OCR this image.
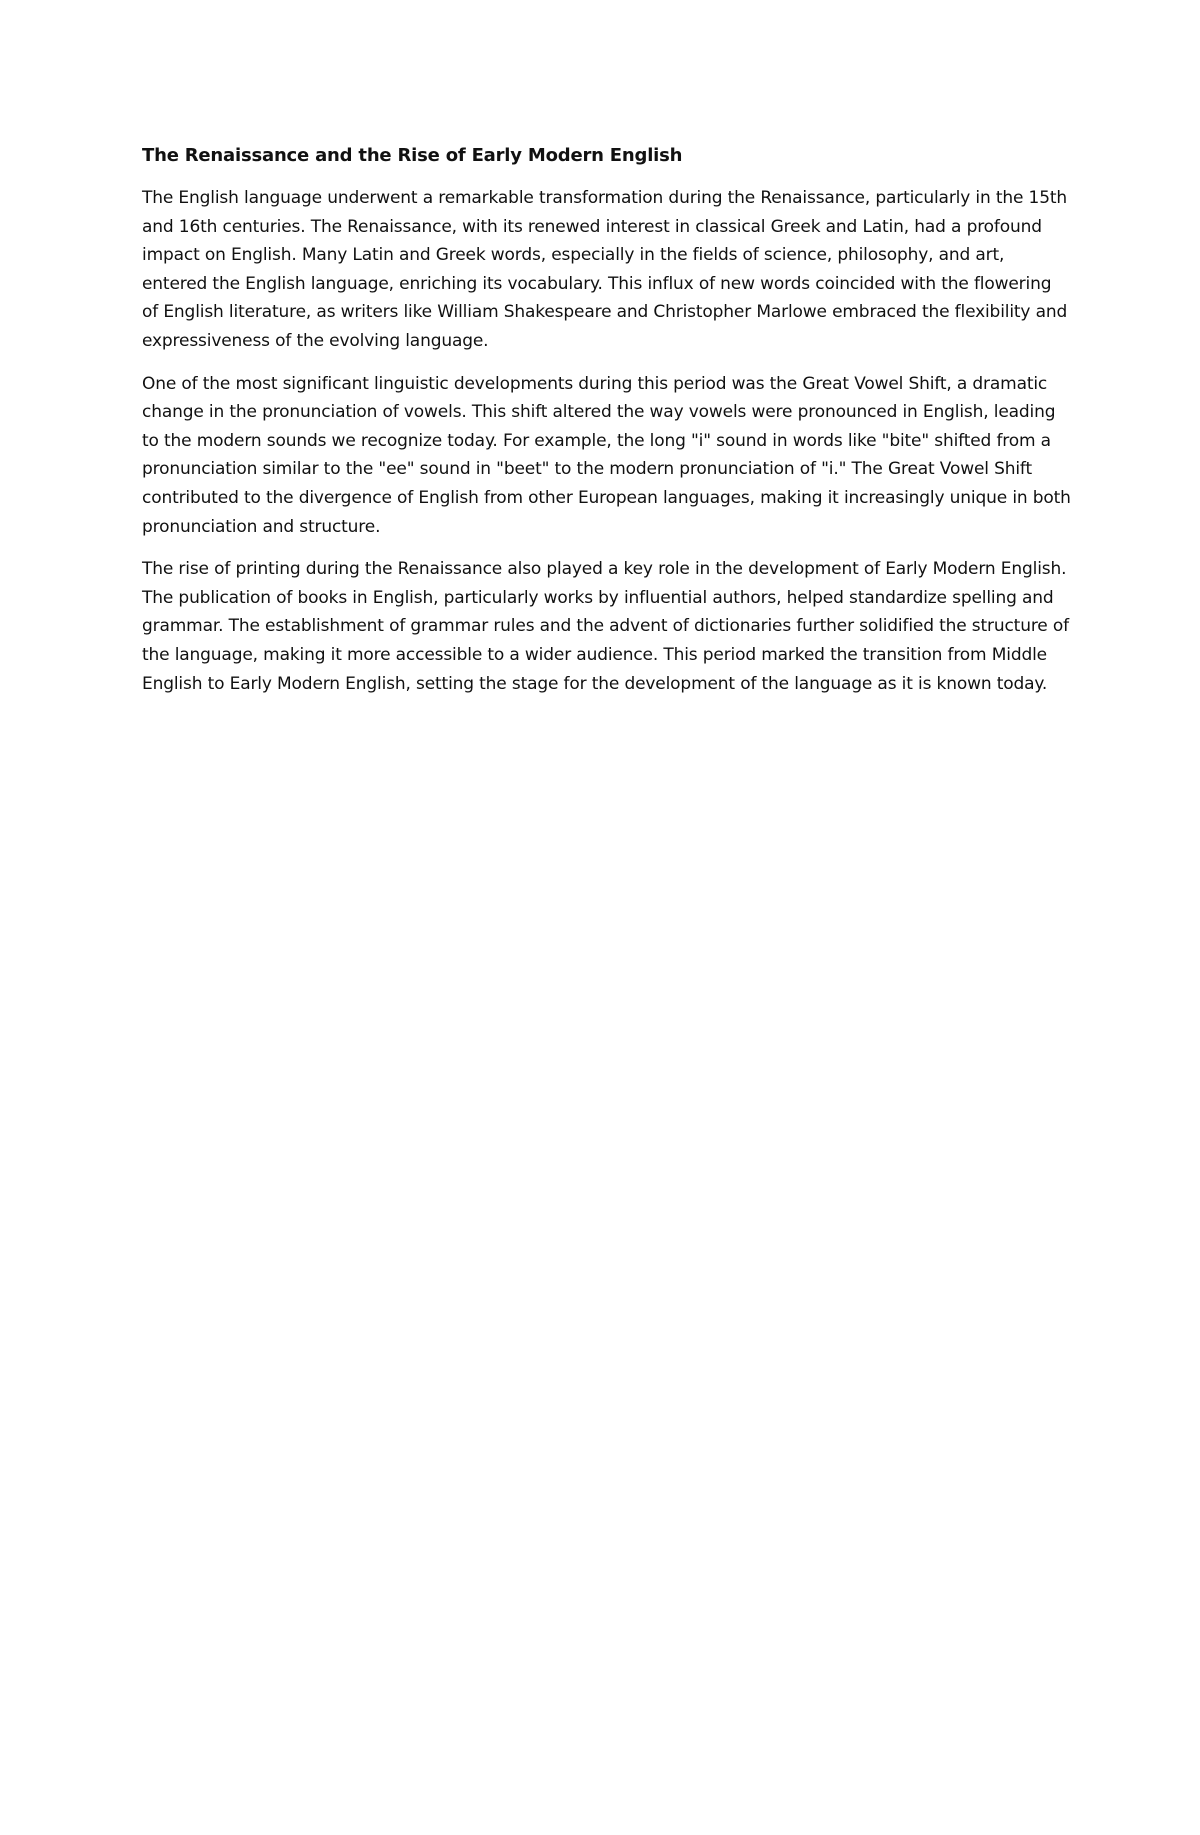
The Renaissance and the Rise of Early Modern English

The English language underwent a remarkable transformation during the Renaissance, particularly in the 15th and 16th centuries. The Renaissance, with its renewed interest in classical Greek and Latin, had a profound impact on English. Many Latin and Greek words, especially in the fields of science, philosophy, and art, entered the English language, enriching its vocabulary. This influx of new words coincided with the flowering of English literature, as writers like William Shakespeare and Christopher Marlowe embraced the flexibility and expressiveness of the evolving language.

One of the most significant linguistic developments during this period was the Great Vowel Shift, a dramatic change in the pronunciation of vowels. This shift altered the way vowels were pronounced in English, leading to the modern sounds we recognize today. For example, the long "i" sound in words like "bite" shifted from a pronunciation similar to the "ee" sound in "beet" to the modern pronunciation of "i." The Great Vowel Shift contributed to the divergence of English from other European languages, making it increasingly unique in both pronunciation and structure.

The rise of printing during the Renaissance also played a key role in the development of Early Modern English. The publication of books in English, particularly works by influential authors, helped standardize spelling and grammar. The establishment of grammar rules and the advent of dictionaries further solidified the structure of the language, making it more accessible to a wider audience. This period marked the transition from Middle English to Early Modern English, setting the stage for the development of the language as it is known today.
